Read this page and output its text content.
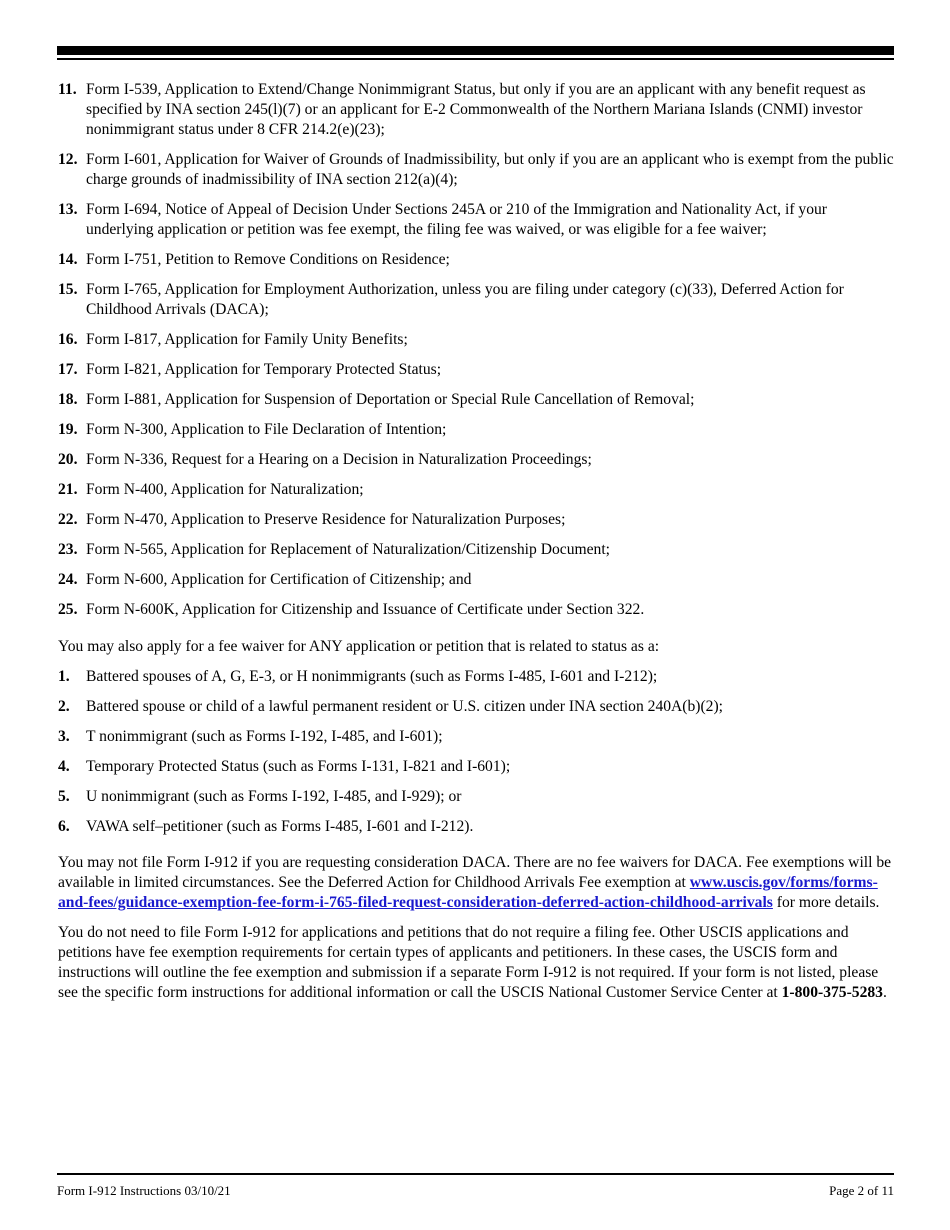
11. Form I-539, Application to Extend/Change Nonimmigrant Status, but only if you are an applicant with any benefit request as specified by INA section 245(l)(7) or an applicant for E-2 Commonwealth of the Northern Mariana Islands (CNMI) investor nonimmigrant status under 8 CFR 214.2(e)(23);
12. Form I-601, Application for Waiver of Grounds of Inadmissibility, but only if you are an applicant who is exempt from the public charge grounds of inadmissibility of INA section 212(a)(4);
13. Form I-694, Notice of Appeal of Decision Under Sections 245A or 210 of the Immigration and Nationality Act, if your underlying application or petition was fee exempt, the filing fee was waived, or was eligible for a fee waiver;
14. Form I-751, Petition to Remove Conditions on Residence;
15. Form I-765, Application for Employment Authorization, unless you are filing under category (c)(33), Deferred Action for Childhood Arrivals (DACA);
16. Form I-817, Application for Family Unity Benefits;
17. Form I-821, Application for Temporary Protected Status;
18. Form I-881, Application for Suspension of Deportation or Special Rule Cancellation of Removal;
19. Form N-300, Application to File Declaration of Intention;
20. Form N-336, Request for a Hearing on a Decision in Naturalization Proceedings;
21. Form N-400, Application for Naturalization;
22. Form N-470, Application to Preserve Residence for Naturalization Purposes;
23. Form N-565, Application for Replacement of Naturalization/Citizenship Document;
24. Form N-600, Application for Certification of Citizenship; and
25. Form N-600K, Application for Citizenship and Issuance of Certificate under Section 322.
You may also apply for a fee waiver for ANY application or petition that is related to status as a:
1. Battered spouses of A, G, E-3, or H nonimmigrants (such as Forms I-485, I-601 and I-212);
2. Battered spouse or child of a lawful permanent resident or U.S. citizen under INA section 240A(b)(2);
3. T nonimmigrant (such as Forms I-192, I-485, and I-601);
4. Temporary Protected Status (such as Forms I-131, I-821 and I-601);
5. U nonimmigrant (such as Forms I-192, I-485, and I-929); or
6. VAWA self–petitioner (such as Forms I-485, I-601 and I-212).
You may not file Form I-912 if you are requesting consideration DACA. There are no fee waivers for DACA. Fee exemptions will be available in limited circumstances. See the Deferred Action for Childhood Arrivals Fee exemption at www.uscis.gov/forms/forms-and-fees/guidance-exemption-fee-form-i-765-filed-request-consideration-deferred-action-childhood-arrivals for more details.
You do not need to file Form I-912 for applications and petitions that do not require a filing fee. Other USCIS applications and petitions have fee exemption requirements for certain types of applicants and petitioners. In these cases, the USCIS form and instructions will outline the fee exemption and submission if a separate Form I-912 is not required. If your form is not listed, please see the specific form instructions for additional information or call the USCIS National Customer Service Center at 1-800-375-5283.
Form I-912 Instructions 03/10/21	Page 2 of 11
